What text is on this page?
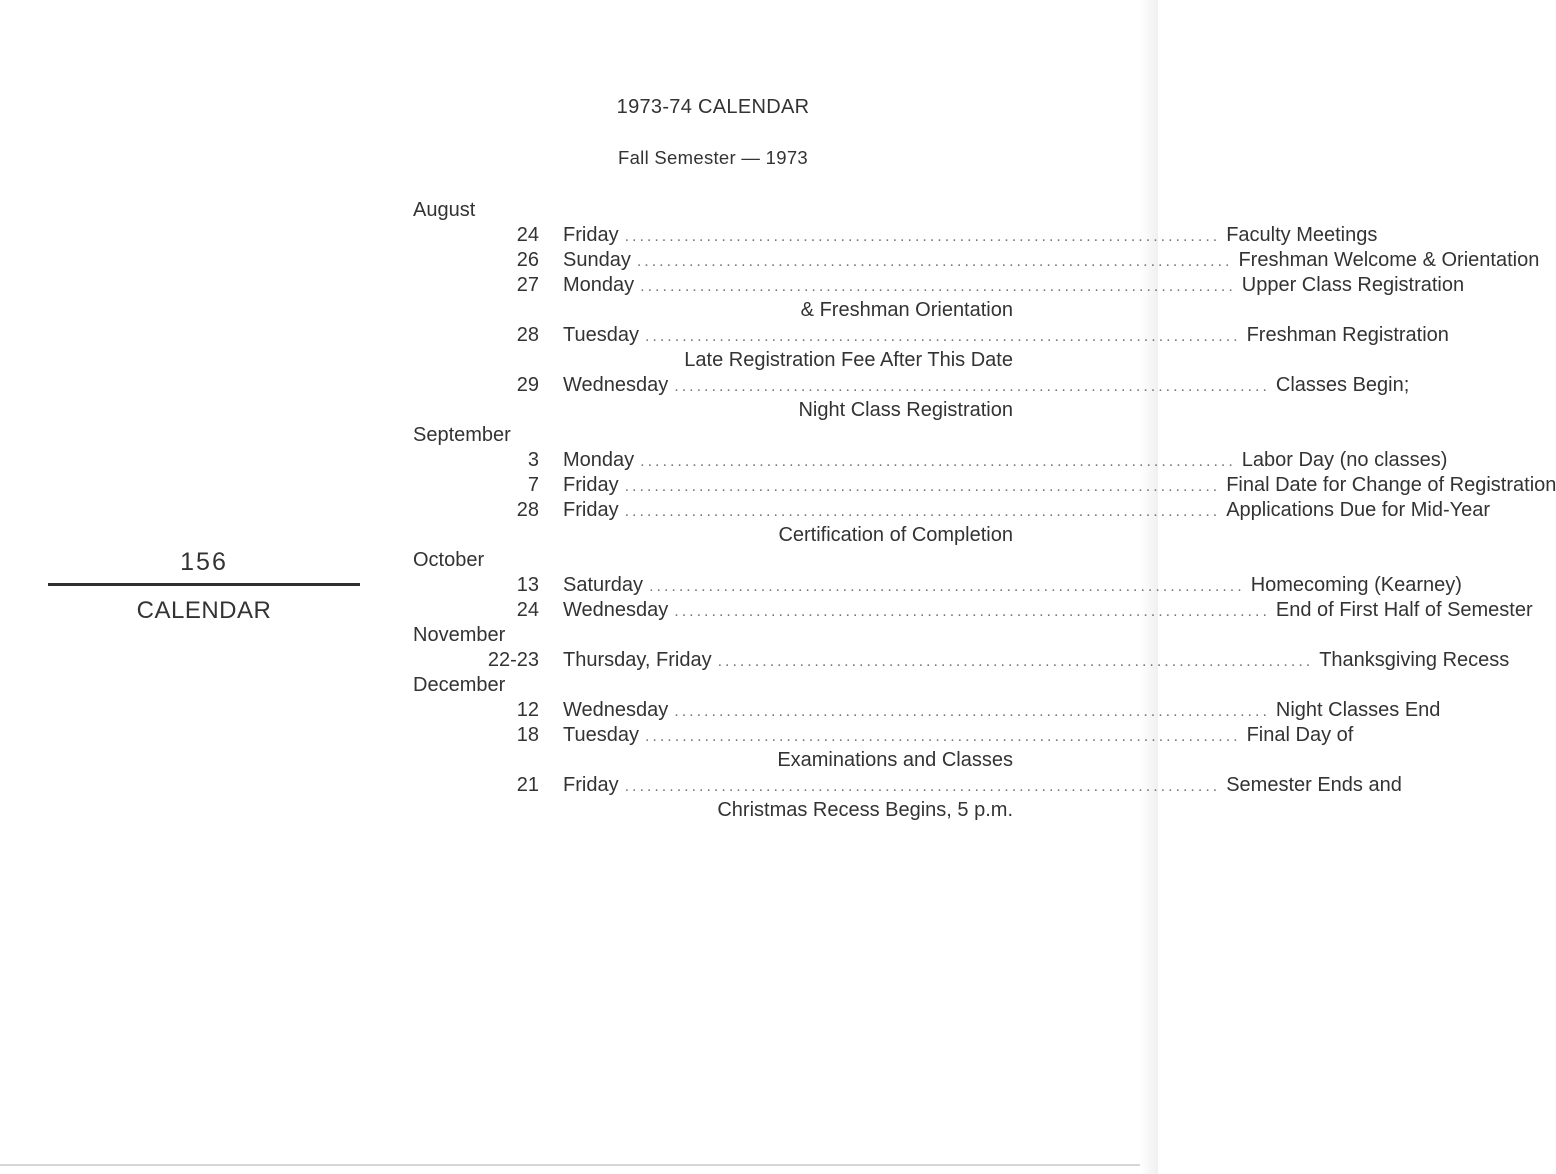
156
CALENDAR
1973-74 CALENDAR
Fall Semester — 1973
August
24 Friday ................................................................................ Faculty Meetings
26 Sunday ................................................................................ Freshman Welcome & Orientation
27 Monday ................................................................................ Upper Class Registration
& Freshman Orientation
28 Tuesday ................................................................................ Freshman Registration
Late Registration Fee After This Date
29 Wednesday ................................................................................ Classes Begin;
Night Class Registration
September
3 Monday ................................................................................ Labor Day (no classes)
7 Friday ................................................................................ Final Date for Change of Registration
28 Friday ................................................................................ Applications Due for Mid-Year
Certification of Completion
October
13 Saturday ................................................................................ Homecoming (Kearney)
24 Wednesday ................................................................................ End of First Half of Semester
November
22-23 Thursday, Friday ................................................................................ Thanksgiving Recess
December
12 Wednesday ................................................................................ Night Classes End
18 Tuesday ................................................................................ Final Day of
Examinations and Classes
21 Friday ................................................................................ Semester Ends and
Christmas Recess Begins, 5 p.m.
